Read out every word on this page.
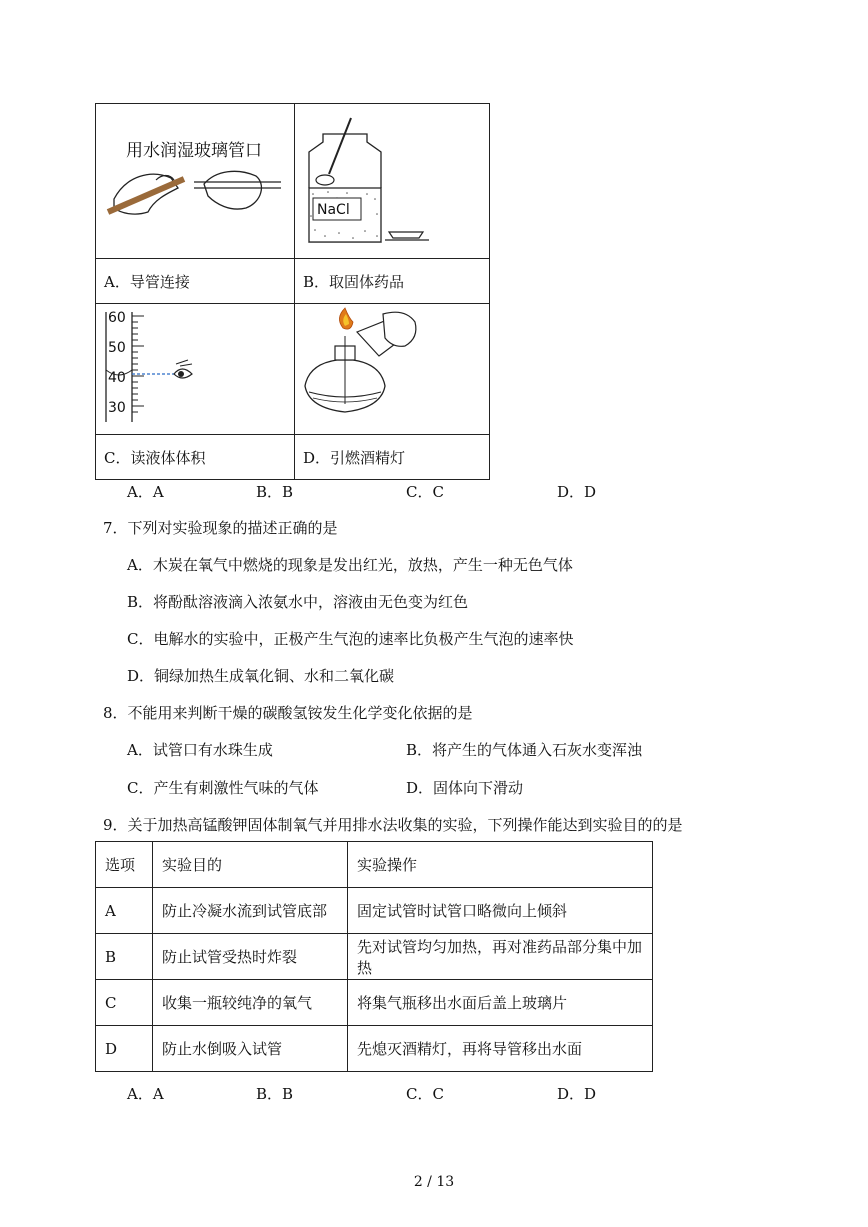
用水润湿玻璃管口	NaCl

A．导管连接	B．取固体药品

60
50
40
30

C．读液体体积	D．引燃酒精灯
A．A	B．B	C．C	D．D
7．下列对实验现象的描述正确的是
A．木炭在氧气中燃烧的现象是发出红光，放热，产生一种无色气体
B．将酚酞溶液滴入浓氨水中，溶液由无色变为红色
C．电解水的实验中，正极产生气泡的速率比负极产生气泡的速率快
D．铜绿加热生成氧化铜、水和二氧化碳
8．不能用来判断干燥的碳酸氢铵发生化学变化依据的是
A．试管口有水珠生成	B．将产生的气体通入石灰水变浑浊
C．产生有刺激性气味的气体	D．固体向下滑动
9．关于加热高锰酸钾固体制氧气并用排水法收集的实验，下列操作能达到实验目的的是
选项	实验目的	实验操作
A	防止冷凝水流到试管底部	固定试管时试管口略微向上倾斜
B	防止试管受热时炸裂	先对试管均匀加热，再对准药品部分集中加热
C	收集一瓶较纯净的氧气	将集气瓶移出水面后盖上玻璃片
D	防止水倒吸入试管	先熄灭酒精灯，再将导管移出水面
A．A	B．B	C．C	D．D
2 / 13
